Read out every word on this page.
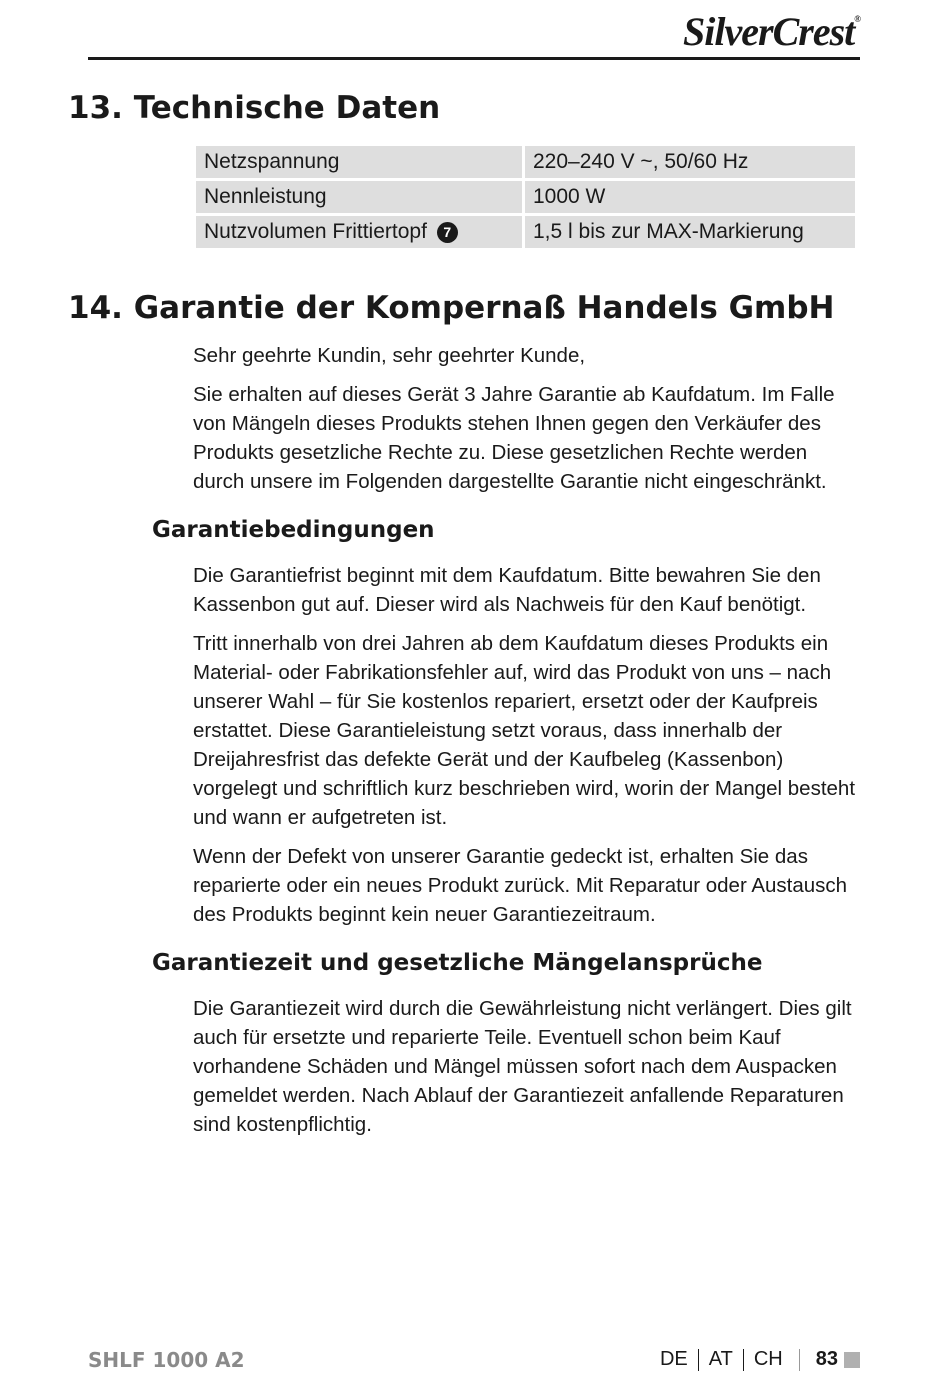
SilverCrest®
13. Technische Daten
Netzspannung	220–240 V ~, 50/60 Hz
Nennleistung	1000 W
Nutzvolumen Frittiertopf 7	1,5 l bis zur MAX-Markierung
14. Garantie der Kompernaß Handels GmbH

Sehr geehrte Kundin, sehr geehrter Kunde,

Sie erhalten auf dieses Gerät 3 Jahre Garantie ab Kaufdatum. Im Falle von Mängeln dieses Produkts stehen Ihnen gegen den Verkäufer des Produkts gesetzliche Rechte zu. Diese gesetzlichen Rechte werden durch unsere im Folgenden dargestellte Garantie nicht eingeschränkt.

Garantiebedingungen

Die Garantiefrist beginnt mit dem Kaufdatum. Bitte bewahren Sie den Kassenbon gut auf. Dieser wird als Nachweis für den Kauf benötigt.

Tritt innerhalb von drei Jahren ab dem Kaufdatum dieses Produkts ein Material- oder Fabrikationsfehler auf, wird das Produkt von uns – nach unserer Wahl – für Sie kostenlos repariert, ersetzt oder der Kaufpreis erstattet. Diese Garantieleistung setzt voraus, dass innerhalb der Dreijahresfrist das defekte Gerät und der Kaufbeleg (Kassenbon) vorgelegt und schriftlich kurz beschrieben wird, worin der Mangel besteht und wann er aufgetreten ist.

Wenn der Defekt von unserer Garantie gedeckt ist, erhalten Sie das reparierte oder ein neues Produkt zurück. Mit Reparatur oder Austausch des Produkts beginnt kein neuer Garantiezeitraum.

Garantiezeit und gesetzliche Mängelansprüche

Die Garantiezeit wird durch die Gewährleistung nicht verlängert. Dies gilt auch für ersetzte und reparierte Teile. Eventuell schon beim Kauf vorhandene Schäden und Mängel müssen sofort nach dem Auspacken gemeldet werden. Nach Ablauf der Garantiezeit anfallende Reparaturen sind kostenpflichtig.

SHLF 1000 A2	DE AT CH 83
